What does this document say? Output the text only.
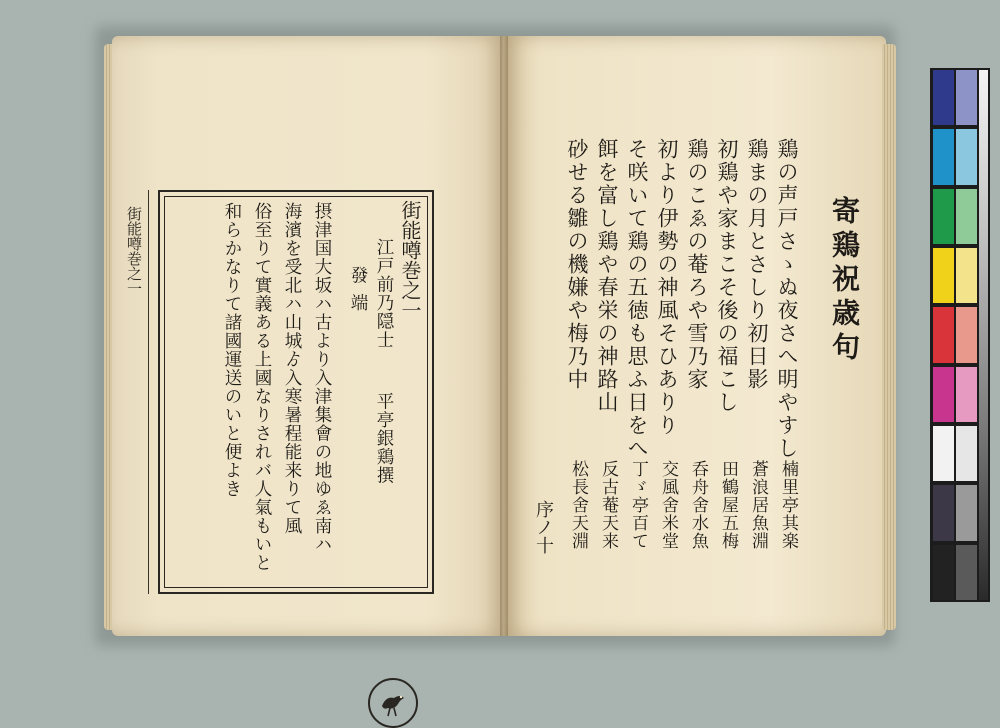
街能噂巻之一	街能噂巻之一
江戸前乃隠士
平亭銀鶏撰
發端
摂津国大坂ハ古より入津集會の地ゆゑ南ハ
海濱を受北ハ山城ゟ入寒暑程能来りて風
俗至りて實義ある上國なりされバ人氣もいと
和らかなりて諸國運送のいと便よき	寄鶏祝歳句
鶏の声戸さゝぬ夜さへ明やすし
鶏まの月とさしり初日影
初鶏や家まこそ後の福こし
鶏のこゑの菴ろや雪乃家
初より伊勢の神風そひありり
そ咲いて鶏の五徳も思ふ日をへ
餌を富し鶏や春栄の神路山
砂せる雛の機嫌や梅乃中
楠里亭其楽
蒼浪居魚淵
田鶴屋五梅
呑舟舍水魚
交風舍米堂
丁ゞ亭百て
反古菴天来
松長舍天淵
序ノ十
